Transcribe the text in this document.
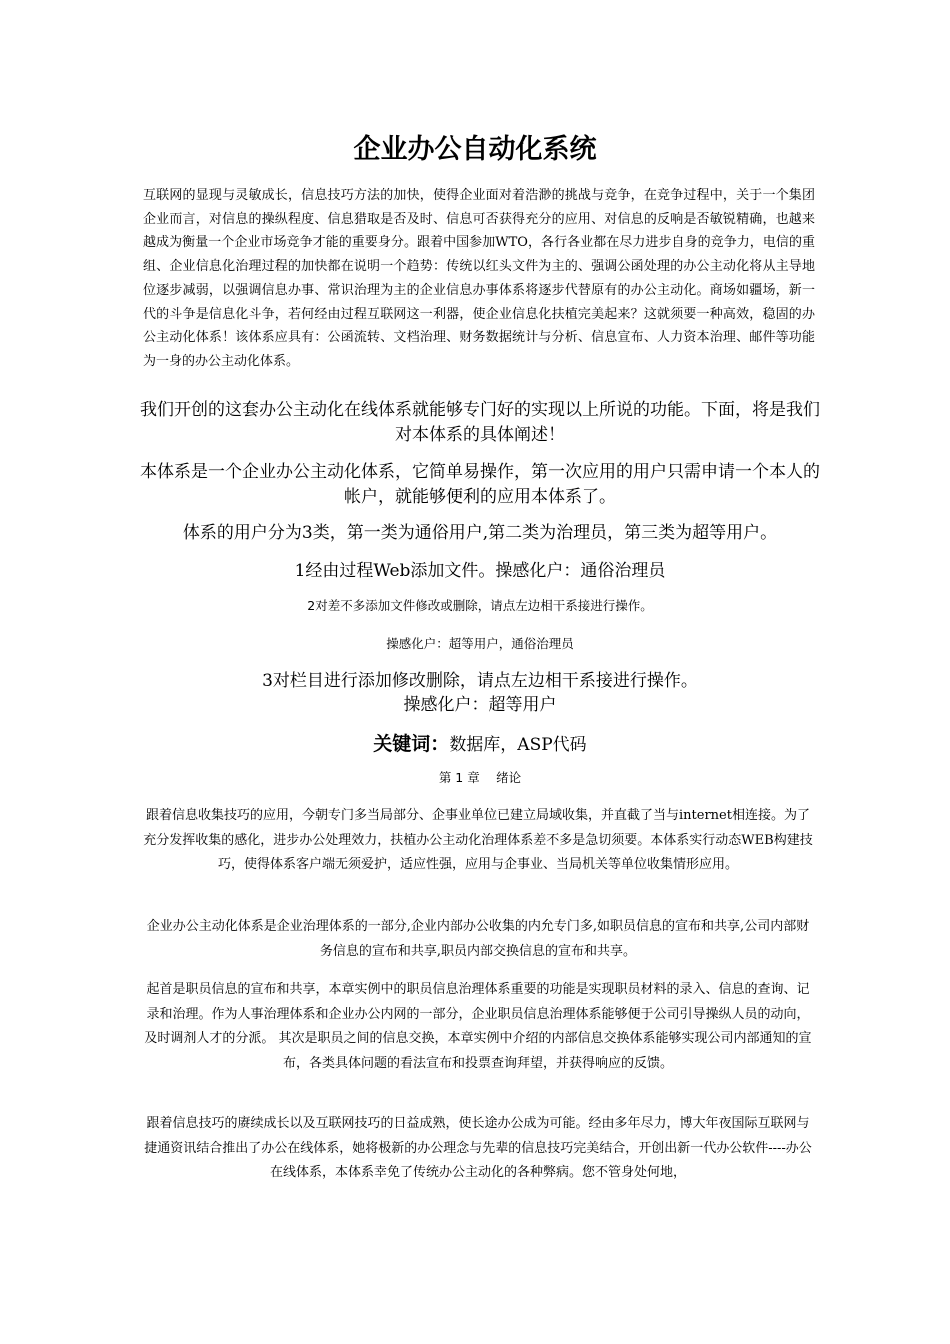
企业办公自动化系统

互联网的显现与灵敏成长，信息技巧方法的加快，使得企业面对着浩渺的挑战与竞争，在竞争过程中，关于一个集团企业而言，对信息的操纵程度、信息猎取是否及时、信息可否获得充分的应用、对信息的反响是否敏锐精确，也越来越成为衡量一个企业市场竞争才能的重要身分。跟着中国参加WTO，各行各业都在尽力进步自身的竞争力，电信的重组、企业信息化治理过程的加快都在说明一个趋势：传统以红头文件为主的、强调公函处理的办公主动化将从主导地位逐步减弱，以强调信息办事、常识治理为主的企业信息办事体系将逐步代替原有的办公主动化。商场如疆场，新一代的斗争是信息化斗争，若何经由过程互联网这一利器，使企业信息化扶植完美起来？这就须要一种高效，稳固的办公主动化体系！该体系应具有：公函流转、文档治理、财务数据统计与分析、信息宣布、人力资本治理、邮件等功能为一身的办公主动化体系。

我们开创的这套办公主动化在线体系就能够专门好的实现以上所说的功能。下面，将是我们对本体系的具体阐述！

本体系是一个企业办公主动化体系，它简单易操作，第一次应用的用户只需申请一个本人的帐户，就能够便利的应用本体系了。

体系的用户分为3类，第一类为通俗用户,第二类为治理员，第三类为超等用户。

1经由过程Web添加文件。操感化户：通俗治理员

2对差不多添加文件修改或删除，请点左边相干系接进行操作。

操感化户：超等用户，通俗治理员

3对栏目进行添加修改删除，请点左边相干系接进行操作。

操感化户：超等用户

关键词：数据库，ASP代码

第 1 章　 绪论

跟着信息收集技巧的应用，今朝专门多当局部分、企事业单位已建立局域收集，并直截了当与internet相连接。为了充分发挥收集的感化，进步办公处理效力，扶植办公主动化治理体系差不多是急切须要。本体系实行动态WEB构建技巧，使得体系客户端无须爱护，适应性强，应用与企事业、当局机关等单位收集情形应用。

企业办公主动化体系是企业治理体系的一部分,企业内部办公收集的内允专门多,如职员信息的宣布和共享,公司内部财务信息的宣布和共享,职员内部交换信息的宣布和共享。

起首是职员信息的宣布和共享，本章实例中的职员信息治理体系重要的功能是实现职员材料的录入、信息的查询、记录和治理。作为人事治理体系和企业办公内网的一部分，企业职员信息治理体系能够便于公司引导操纵人员的动向，及时调剂人才的分派。 其次是职员之间的信息交换，本章实例中介绍的内部信息交换体系能够实现公司内部通知的宣布，各类具体问题的看法宣布和投票查询拜望，并获得响应的反馈。

跟着信息技巧的赓续成长以及互联网技巧的日益成熟，使长途办公成为可能。经由多年尽力，博大年夜国际互联网与捷通资讯结合推出了办公在线体系，她将极新的办公理念与先辈的信息技巧完美结合，开创出新一代办公软件----办公在线体系，本体系幸免了传统办公主动化的各种弊病。您不管身处何地，
